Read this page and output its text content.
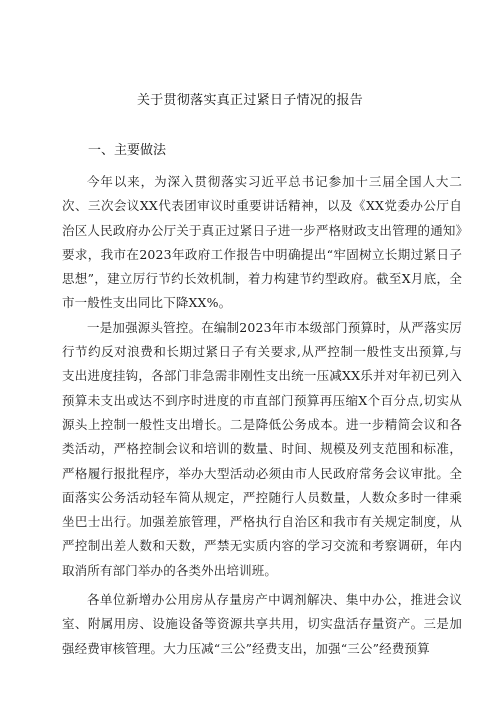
关于贯彻落实真正过紧日子情况的报告
一、主要做法

今年以来，为深入贯彻落实习近平总书记参加十三届全国人大二次、三次会议XX代表团审议时重要讲话精神，以及《XX党委办公厅自治区人民政府办公厅关于真正过紧日子进一步严格财政支出管理的通知》要求，我市在2023年政府工作报告中明确提出“牢固树立长期过紧日子思想”，建立厉行节约长效机制，着力构建节约型政府。截至X月底，全市一般性支出同比下降XX%。

一是加强源头管控。在编制2023年市本级部门预算时，从严落实厉行节约反对浪费和长期过紧日子有关要求,从严控制一般性支出预算,与支出进度挂钩，各部门非急需非刚性支出统一压减XX乐并对年初已列入预算未支出或达不到序时进度的市直部门预算再压缩X个百分点,切实从源头上控制一般性支出增长。二是降低公务成本。进一步精简会议和各类活动，严格控制会议和培训的数量、时间、规模及列支范围和标准，严格履行报批程序，举办大型活动必须由市人民政府常务会议审批。全面落实公务活动轻车简从规定，严控随行人员数量，人数众多时一律乘坐巴士出行。加强差旅管理，严格执行自治区和我市有关规定制度，从严控制出差人数和天数，严禁无实质内容的学习交流和考察调研，年内取消所有部门举办的各类外出培训班。

各单位新增办公用房从存量房产中调剂解决、集中办公，推进会议室、附属用房、设施设备等资源共享共用，切实盘活存量资产。三是加强经费审核管理。大力压减“三公”经费支出，加强“三公”经费预算
